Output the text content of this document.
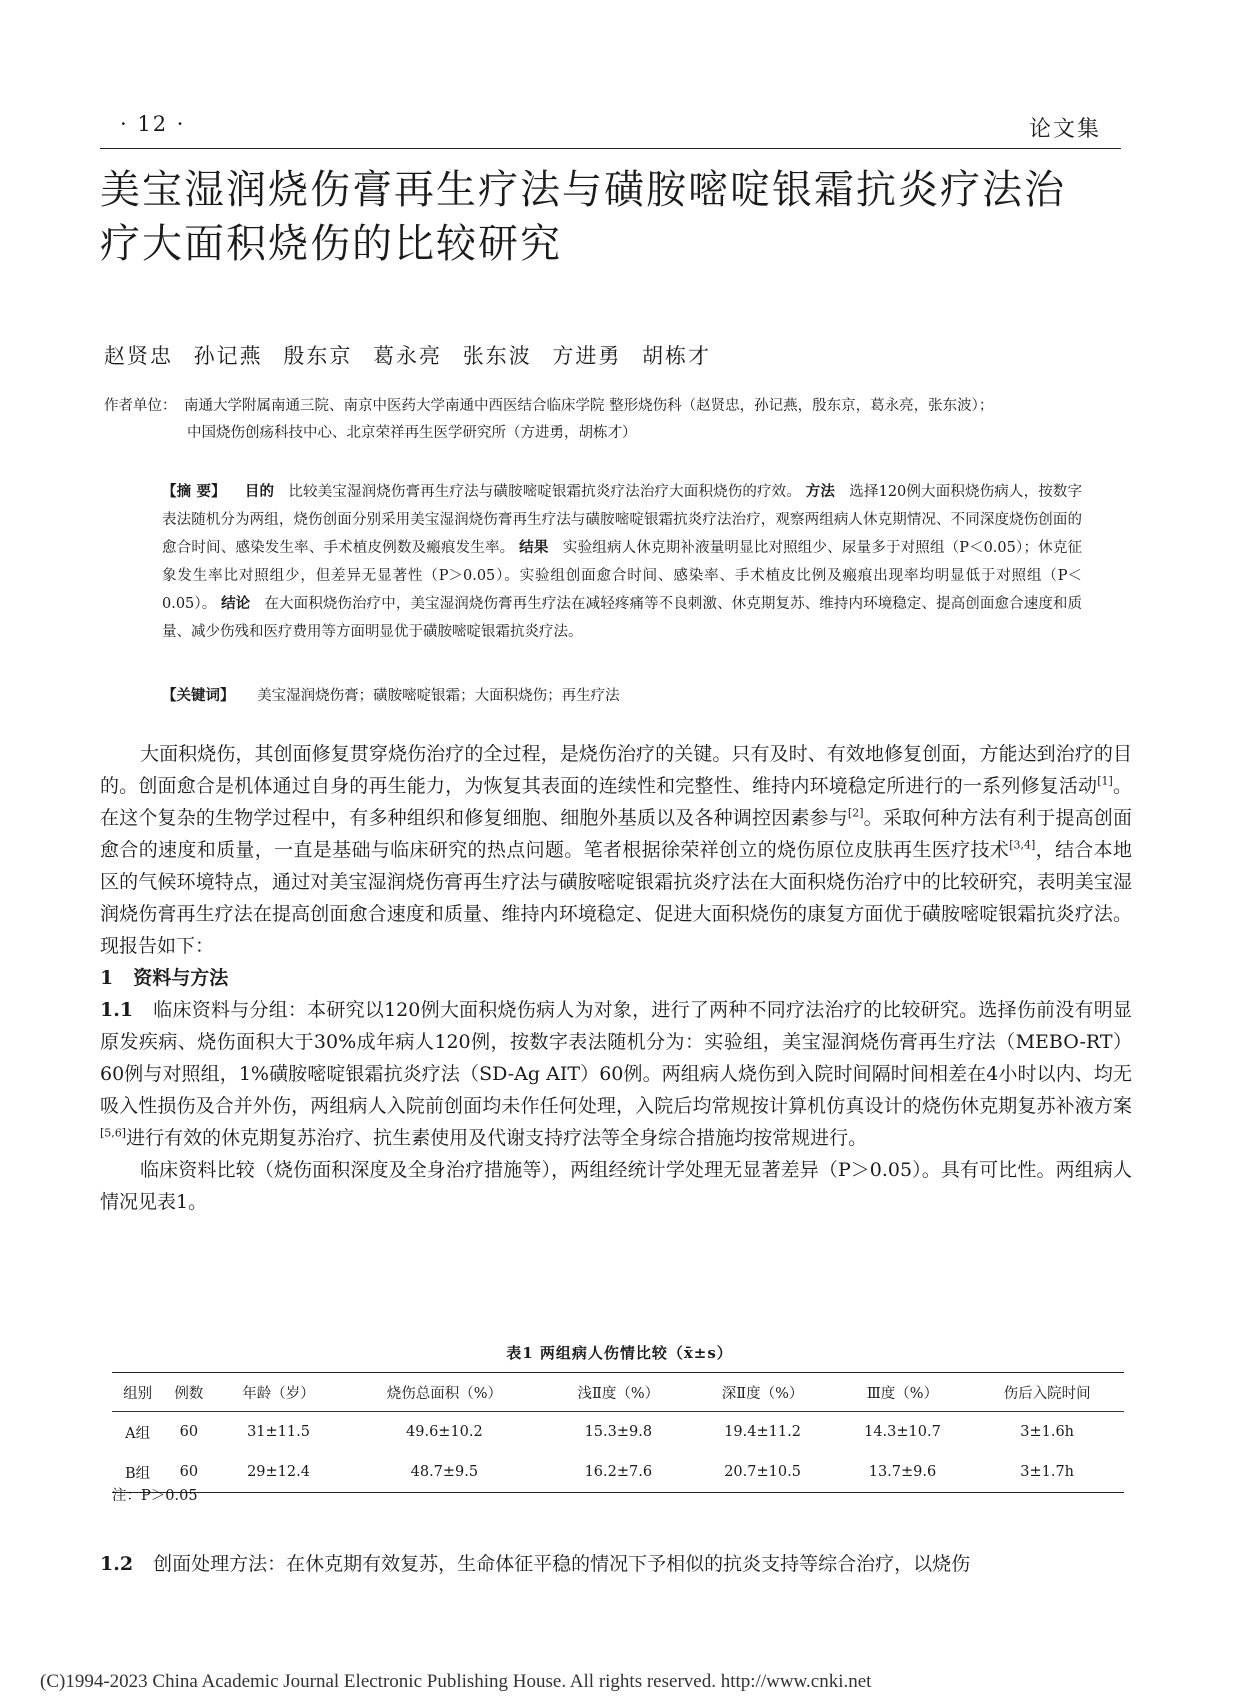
· 12 ·	论文集
美宝湿润烧伤膏再生疗法与磺胺嘧啶银霜抗炎疗法治
疗大面积烧伤的比较研究
赵贤忠 孙记燕 殷东京 葛永亮 张东波 方进勇 胡栋才
作者单位： 南通大学附属南通三院、南京中医药大学南通中西医结合临床学院 整形烧伤科（赵贤忠，孙记燕，殷东京，葛永亮，张东波）；
中国烧伤创疡科技中心、北京荣祥再生医学研究所（方进勇，胡栋才）
【摘 要】 目的 比较美宝湿润烧伤膏再生疗法与磺胺嘧啶银霜抗炎疗法治疗大面积烧伤的疗效。 方法 选择120例大面积烧伤病人，按数字表法随机分为两组，烧伤创面分别采用美宝湿润烧伤膏再生疗法与磺胺嘧啶银霜抗炎疗法治疗，观察两组病人休克期情况、不同深度烧伤创面的愈合时间、感染发生率、手术植皮例数及瘢痕发生率。 结果 实验组病人休克期补液量明显比对照组少、尿量多于对照组（P＜0.05）；休克征象发生率比对照组少，但差异无显著性（P＞0.05）。实验组创面愈合时间、感染率、手术植皮比例及瘢痕出现率均明显低于对照组（P＜0.05）。 结论 在大面积烧伤治疗中，美宝湿润烧伤膏再生疗法在减轻疼痛等不良刺激、休克期复苏、维持内环境稳定、提高创面愈合速度和质量、减少伤残和医疗费用等方面明显优于磺胺嘧啶银霜抗炎疗法。
【关键词】 美宝湿润烧伤膏；磺胺嘧啶银霜；大面积烧伤；再生疗法

大面积烧伤，其创面修复贯穿烧伤治疗的全过程，是烧伤治疗的关键。只有及时、有效地修复创面，方能达到治疗的目的。创面愈合是机体通过自身的再生能力，为恢复其表面的连续性和完整性、维持内环境稳定所进行的一系列修复活动[1]。在这个复杂的生物学过程中，有多种组织和修复细胞、细胞外基质以及各种调控因素参与[2]。采取何种方法有利于提高创面愈合的速度和质量，一直是基础与临床研究的热点问题。笔者根据徐荣祥创立的烧伤原位皮肤再生医疗技术[3,4]，结合本地区的气候环境特点，通过对美宝湿润烧伤膏再生疗法与磺胺嘧啶银霜抗炎疗法在大面积烧伤治疗中的比较研究，表明美宝湿润烧伤膏再生疗法在提高创面愈合速度和质量、维持内环境稳定、促进大面积烧伤的康复方面优于磺胺嘧啶银霜抗炎疗法。现报告如下：

1 资料与方法

1.1 临床资料与分组：本研究以120例大面积烧伤病人为对象，进行了两种不同疗法治疗的比较研究。选择伤前没有明显原发疾病、烧伤面积大于30%成年病人120例，按数字表法随机分为：实验组，美宝湿润烧伤膏再生疗法（MEBO-RT）60例与对照组，1%磺胺嘧啶银霜抗炎疗法（SD-Ag AIT）60例。两组病人烧伤到入院时间隔时间相差在4小时以内、均无吸入性损伤及合并外伤，两组病人入院前创面均未作任何处理，入院后均常规按计算机仿真设计的烧伤休克期复苏补液方案[5,6]进行有效的休克期复苏治疗、抗生素使用及代谢支持疗法等全身综合措施均按常规进行。

临床资料比较（烧伤面积深度及全身治疗措施等），两组经统计学处理无显著差异（P＞0.05）。具有可比性。两组病人情况见表1。

表1 两组病人伤情比较（x̄±s）
组别	例数	年龄（岁）	烧伤总面积（%）	浅Ⅱ度（%）	深Ⅱ度（%）	Ⅲ度（%）	伤后入院时间
A组	60	31±11.5	49.6±10.2	15.3±9.8	19.4±11.2	14.3±10.7	3±1.6h
B组	60	29±12.4	48.7±9.5	16.2±7.6	20.7±10.5	13.7±9.6	3±1.7h
注：P＞0.05

1.2 创面处理方法：在休克期有效复苏，生命体征平稳的情况下予相似的抗炎支持等综合治疗，以烧伤

(C)1994-2023 China Academic Journal Electronic Publishing House. All rights reserved. http://www.cnki.net
